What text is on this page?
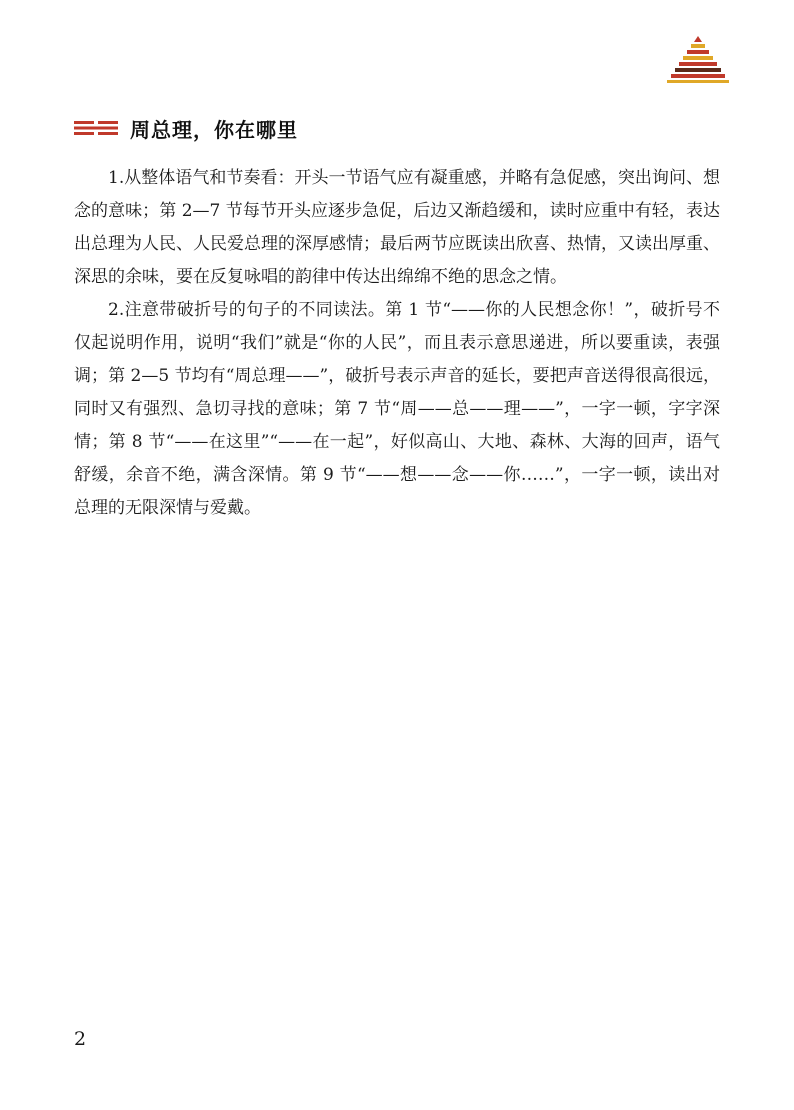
周总理，你在哪里

1.从整体语气和节奏看：开头一节语气应有凝重感，并略有急促感，突出询问、想念的意味；第 2—7 节每节开头应逐步急促，后边又渐趋缓和，读时应重中有轻，表达出总理为人民、人民爱总理的深厚感情；最后两节应既读出欣喜、热情，又读出厚重、深思的余味，要在反复咏唱的韵律中传达出绵绵不绝的思念之情。

2.注意带破折号的句子的不同读法。第 1 节“——你的人民想念你！”，破折号不仅起说明作用，说明“我们”就是“你的人民”，而且表示意思递进，所以要重读，表强调；第 2—5 节均有“周总理——”，破折号表示声音的延长，要把声音送得很高很远，同时又有强烈、急切寻找的意味；第 7 节“周——总——理——”，一字一顿，字字深情；第 8 节“——在这里”“——在一起”，好似高山、大地、森林、大海的回声，语气舒缓，余音不绝，满含深情。第 9 节“——想——念——你……”，一字一顿，读出对总理的无限深情与爱戴。

2
